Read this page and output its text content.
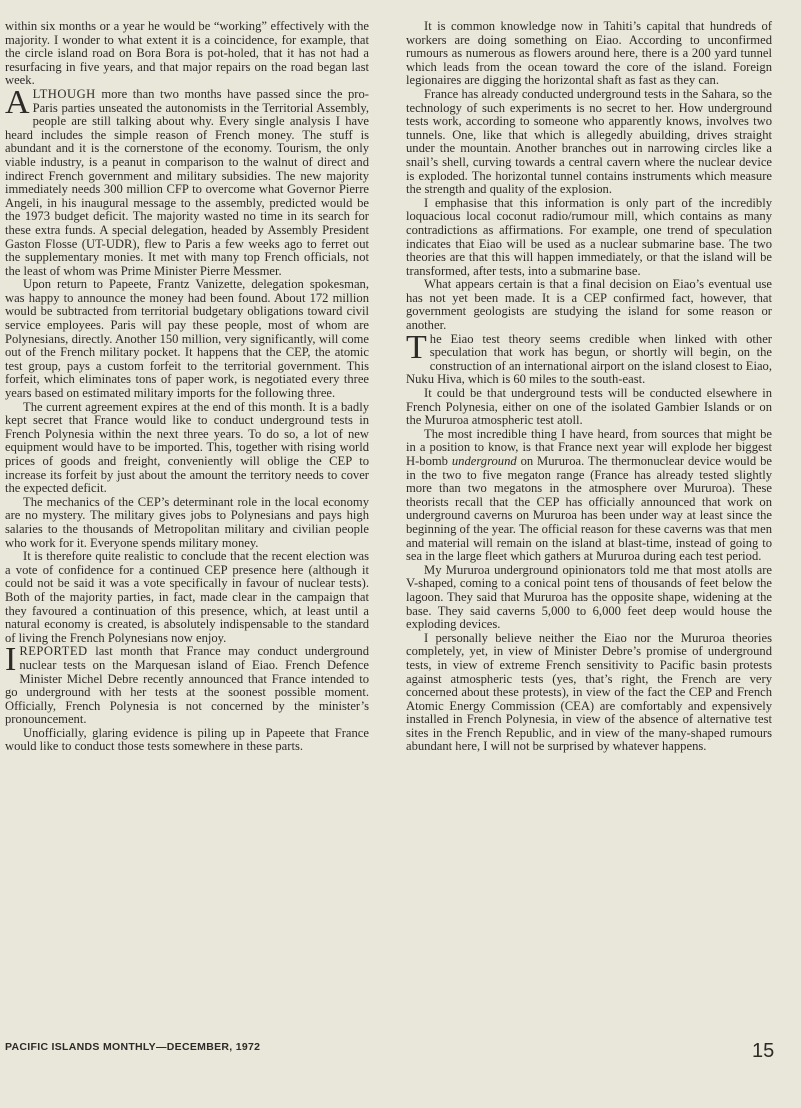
within six months or a year he would be “working” effectively with the majority. I wonder to what extent it is a coincidence, for example, that the circle island road on Bora Bora is pot-holed, that it has not had a resurfacing in five years, and that major repairs on the road began last week.

ALTHOUGH more than two months have passed since the pro-Paris parties unseated the autonomists in the Territorial Assembly, people are still talking about why. Every single analysis I have heard includes the simple reason of French money. The stuff is abundant and it is the cornerstone of the economy. Tourism, the only viable industry, is a peanut in comparison to the walnut of direct and indirect French government and military subsidies. The new majority immediately needs 300 million CFP to overcome what Governor Pierre Angeli, in his inaugural message to the assembly, predicted would be the 1973 budget deficit. The majority wasted no time in its search for these extra funds. A special delegation, headed by Assembly President Gaston Flosse (UT-UDR), flew to Paris a few weeks ago to ferret out the supplementary monies. It met with many top French officials, not the least of whom was Prime Minister Pierre Messmer.

Upon return to Papeete, Frantz Vanizette, delegation spokesman, was happy to announce the money had been found. About 172 million would be subtracted from territorial budgetary obligations toward civil service employees. Paris will pay these people, most of whom are Polynesians, directly. Another 150 million, very significantly, will come out of the French military pocket. It happens that the CEP, the atomic test group, pays a custom forfeit to the territorial government. This forfeit, which eliminates tons of paper work, is negotiated every three years based on estimated military imports for the following three.

The current agreement expires at the end of this month. It is a badly kept secret that France would like to conduct underground tests in French Polynesia within the next three years. To do so, a lot of new equipment would have to be imported. This, together with rising world prices of goods and freight, conveniently will oblige the CEP to increase its forfeit by just about the amount the territory needs to cover the expected deficit.

The mechanics of the CEP’s determinant role in the local economy are no mystery. The military gives jobs to Polynesians and pays high salaries to the thousands of Metropolitan military and civilian people who work for it. Everyone spends military money.

It is therefore quite realistic to conclude that the recent election was a vote of confidence for a continued CEP presence here (although it could not be said it was a vote specifically in favour of nuclear tests). Both of the majority parties, in fact, made clear in the campaign that they favoured a continuation of this presence, which, at least until a natural economy is created, is absolutely indispensable to the standard of living the French Polynesians now enjoy.

IREPORTED last month that France may conduct underground nuclear tests on the Marquesan island of Eiao. French Defence Minister Michel Debre recently announced that France intended to go underground with her tests at the soonest possible moment. Officially, French Polynesia is not concerned by the minister’s pronouncement.

Unofficially, glaring evidence is piling up in Papeete that France would like to conduct those tests somewhere in these parts.

It is common knowledge now in Tahiti’s capital that hundreds of workers are doing something on Eiao. According to unconfirmed rumours as numerous as flowers around here, there is a 200 yard tunnel which leads from the ocean toward the core of the island. Foreign legionaires are digging the horizontal shaft as fast as they can.

France has already conducted underground tests in the Sahara, so the technology of such experiments is no secret to her. How underground tests work, according to someone who apparently knows, involves two tunnels. One, like that which is allegedly abuilding, drives straight under the mountain. Another branches out in narrowing circles like a snail’s shell, curving towards a central cavern where the nuclear device is exploded. The horizontal tunnel contains instruments which measure the strength and quality of the explosion.

I emphasise that this information is only part of the incredibly loquacious local coconut radio/rumour mill, which contains as many contradictions as affirmations. For example, one trend of speculation indicates that Eiao will be used as a nuclear submarine base. The two theories are that this will happen immediately, or that the island will be transformed, after tests, into a submarine base.

What appears certain is that a final decision on Eiao’s eventual use has not yet been made. It is a CEP confirmed fact, however, that government geologists are studying the island for some reason or another.

The Eiao test theory seems credible when linked with other speculation that work has begun, or shortly will begin, on the construction of an international airport on the island closest to Eiao, Nuku Hiva, which is 60 miles to the south-east.

It could be that underground tests will be conducted elsewhere in French Polynesia, either on one of the isolated Gambier Islands or on the Mururoa atmospheric test atoll.

The most incredible thing I have heard, from sources that might be in a position to know, is that France next year will explode her biggest H-bomb underground on Mururoa. The thermonuclear device would be in the two to five megaton range (France has already tested slightly more than two megatons in the atmosphere over Mururoa). These theorists recall that the CEP has officially announced that work on underground caverns on Mururoa has been under way at least since the beginning of the year. The official reason for these caverns was that men and material will remain on the island at blast-time, instead of going to sea in the large fleet which gathers at Mururoa during each test period.

My Mururoa underground opinionators told me that most atolls are V-shaped, coming to a conical point tens of thousands of feet below the lagoon. They said that Mururoa has the opposite shape, widening at the base. They said caverns 5,000 to 6,000 feet deep would house the exploding devices.

I personally believe neither the Eiao nor the Mururoa theories completely, yet, in view of Minister Debre’s promise of underground tests, in view of extreme French sensitivity to Pacific basin protests against atmospheric tests (yes, that’s right, the French are very concerned about these protests), in view of the fact the CEP and French Atomic Energy Commission (CEA) are comfortably and expensively installed in French Polynesia, in view of the absence of alternative test sites in the French Republic, and in view of the many-shaped rumours abundant here, I will not be surprised by whatever happens.

PACIFIC ISLANDS MONTHLY—DECEMBER, 1972	15
